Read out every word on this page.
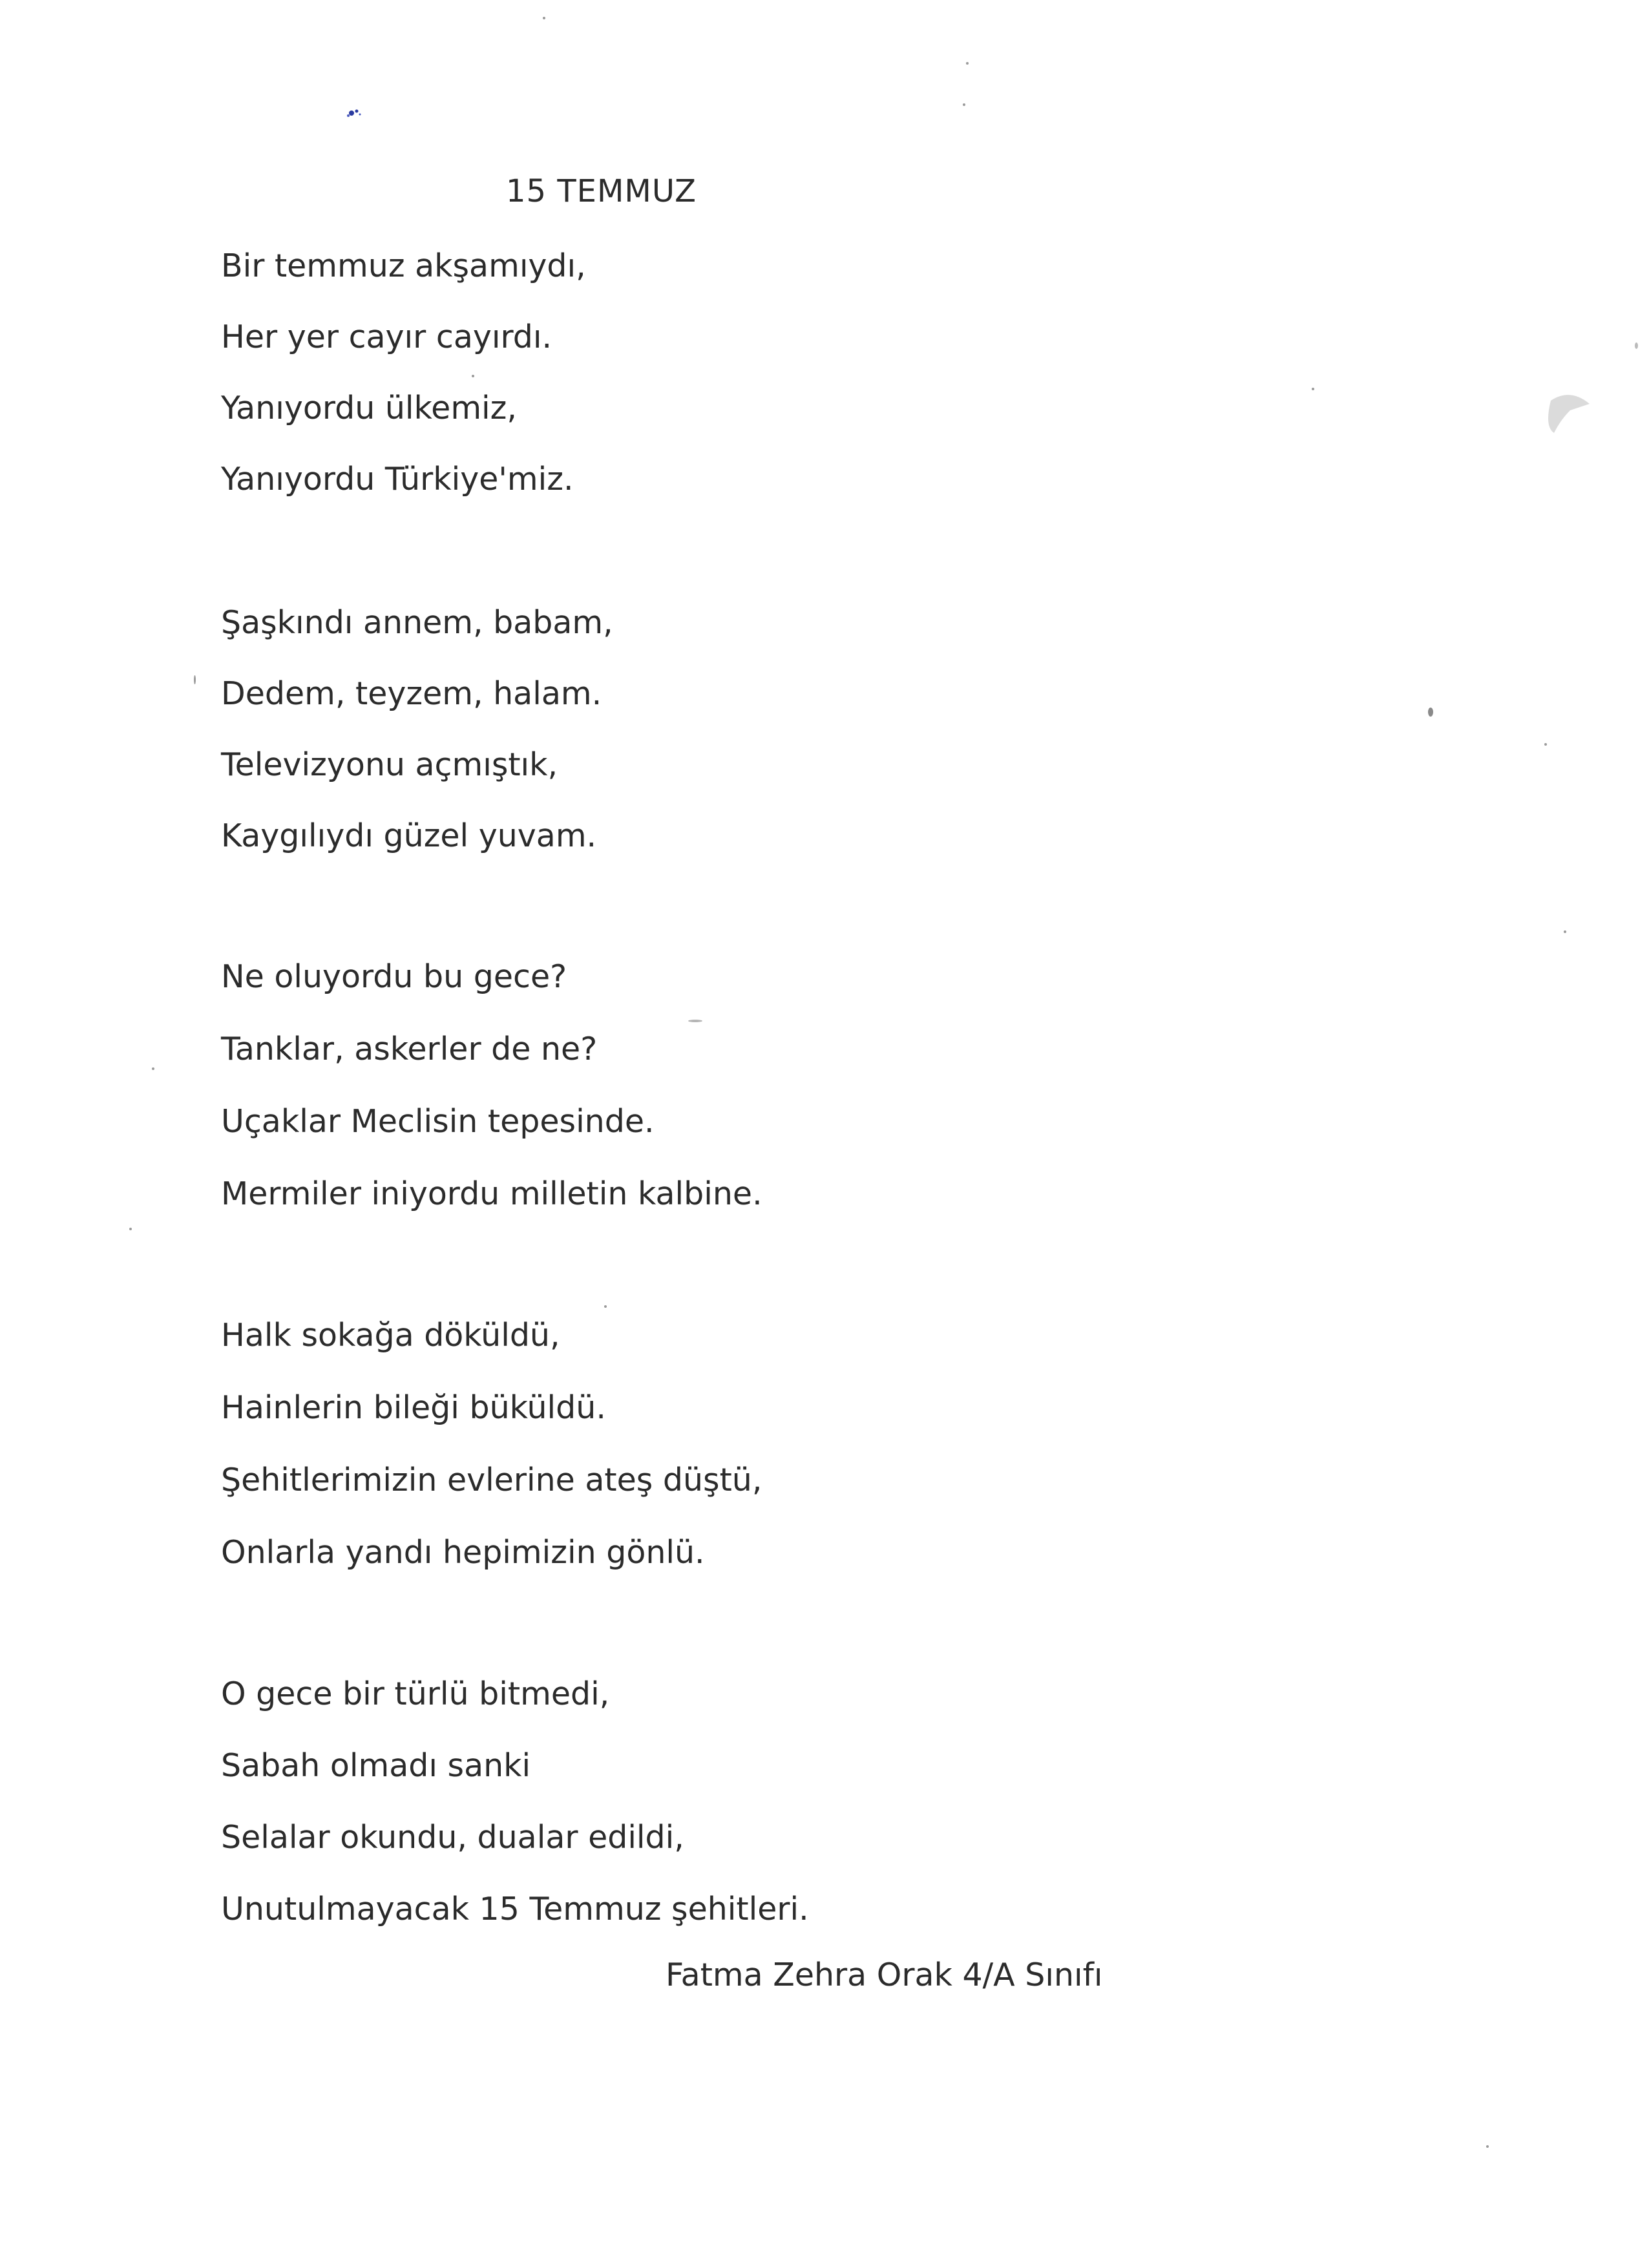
15 TEMMUZ
Bir temmuz akşamıydı,
Her yer cayır cayırdı.
Yanıyordu ülkemiz,
Yanıyordu Türkiye'miz.
Şaşkındı annem, babam,
Dedem, teyzem, halam.
Televizyonu açmıştık,
Kaygılıydı güzel yuvam.
Ne oluyordu bu gece?
Tanklar, askerler de ne?
Uçaklar Meclisin tepesinde.
Mermiler iniyordu milletin kalbine.
Halk sokağa döküldü,
Hainlerin bileği büküldü.
Şehitlerimizin evlerine ateş düştü,
Onlarla yandı hepimizin gönlü.
O gece bir türlü bitmedi,
Sabah olmadı sanki
Selalar okundu, dualar edildi,
Unutulmayacak 15 Temmuz şehitleri.
Fatma Zehra Orak 4/A Sınıfı
